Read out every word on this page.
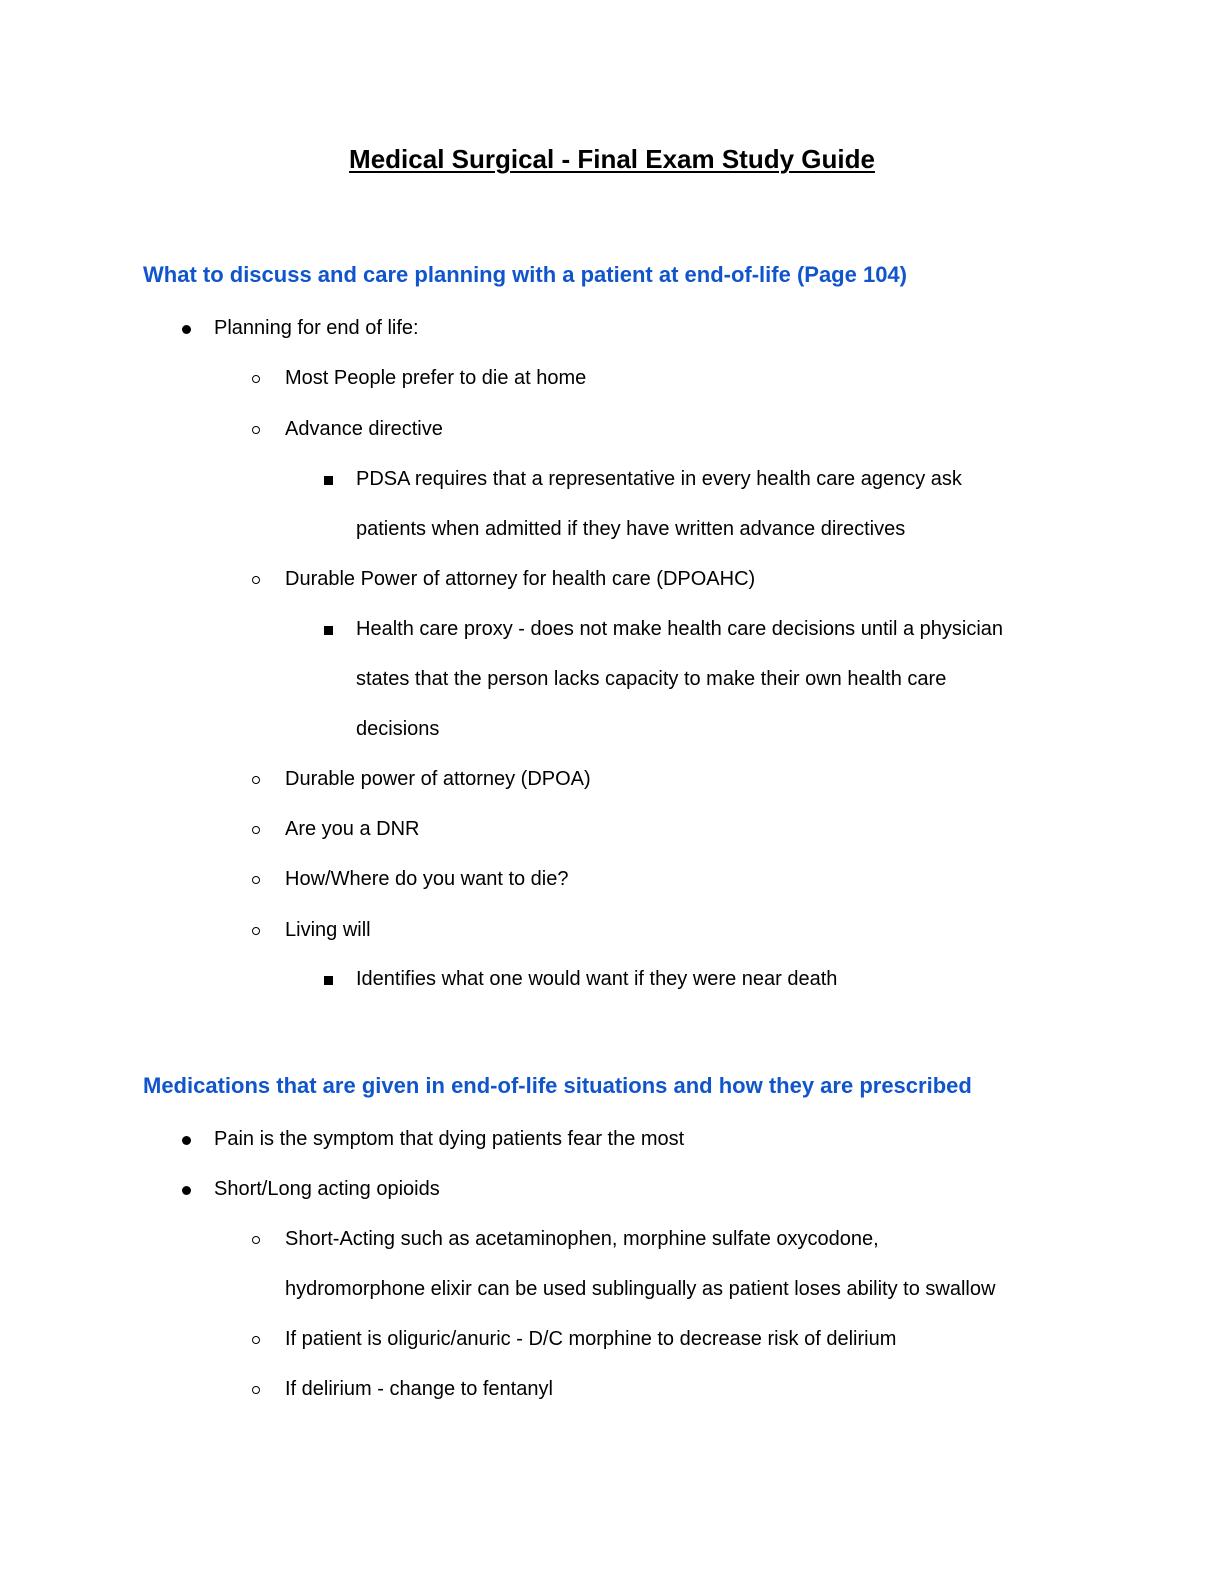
Medical Surgical - Final Exam Study Guide
What to discuss and care planning with a patient at end-of-life (Page 104)
Planning for end of life:
Most People prefer to die at home
Advance directive
PDSA requires that a representative in every health care agency ask
patients when admitted if they have written advance directives
Durable Power of attorney for health care (DPOAHC)
Health care proxy - does not make health care decisions until a physician
states that the person lacks capacity to make their own health care
decisions
Durable power of attorney (DPOA)
Are you a DNR
How/Where do you want to die?
Living will
Identifies what one would want if they were near death
Medications that are given in end-of-life situations and how they are prescribed
Pain is the symptom that dying patients fear the most
Short/Long acting opioids
Short-Acting such as acetaminophen, morphine sulfate oxycodone,
hydromorphone elixir can be used sublingually as patient loses ability to swallow
If patient is oliguric/anuric - D/C morphine to decrease risk of delirium
If delirium - change to fentanyl
